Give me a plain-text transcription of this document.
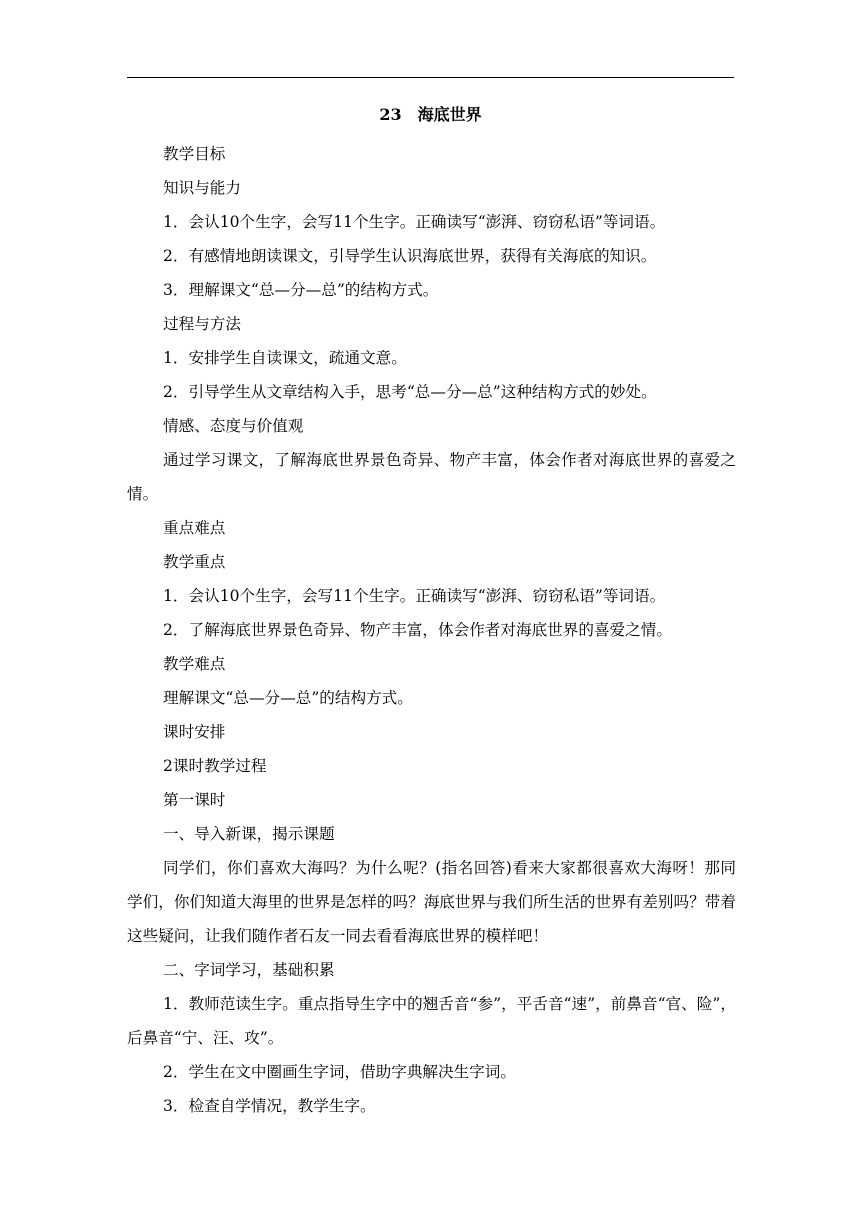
23　海底世界

教学目标

知识与能力

1．会认10个生字，会写11个生字。正确读写“澎湃、窃窃私语”等词语。

2．有感情地朗读课文，引导学生认识海底世界，获得有关海底的知识。

3．理解课文“总—分—总”的结构方式。

过程与方法

1．安排学生自读课文，疏通文意。

2．引导学生从文章结构入手，思考“总—分—总”这种结构方式的妙处。

情感、态度与价值观

通过学习课文，了解海底世界景色奇异、物产丰富，体会作者对海底世界的喜爱之情。

重点难点

教学重点

1．会认10个生字，会写11个生字。正确读写“澎湃、窃窃私语”等词语。

2．了解海底世界景色奇异、物产丰富，体会作者对海底世界的喜爱之情。

教学难点

理解课文“总—分—总”的结构方式。

课时安排

2课时教学过程

第一课时

一、导入新课，揭示课题

同学们，你们喜欢大海吗？为什么呢？(指名回答)看来大家都很喜欢大海呀！那同学们，你们知道大海里的世界是怎样的吗？海底世界与我们所生活的世界有差别吗？带着这些疑问，让我们随作者石友一同去看看海底世界的模样吧！

二、字词学习，基础积累

1．教师范读生字。重点指导生字中的翘舌音“参”，平舌音“速”，前鼻音“官、险”，后鼻音“宁、汪、攻”。

2．学生在文中圈画生字词，借助字典解决生字词。

3．检查自学情况，教学生字。
